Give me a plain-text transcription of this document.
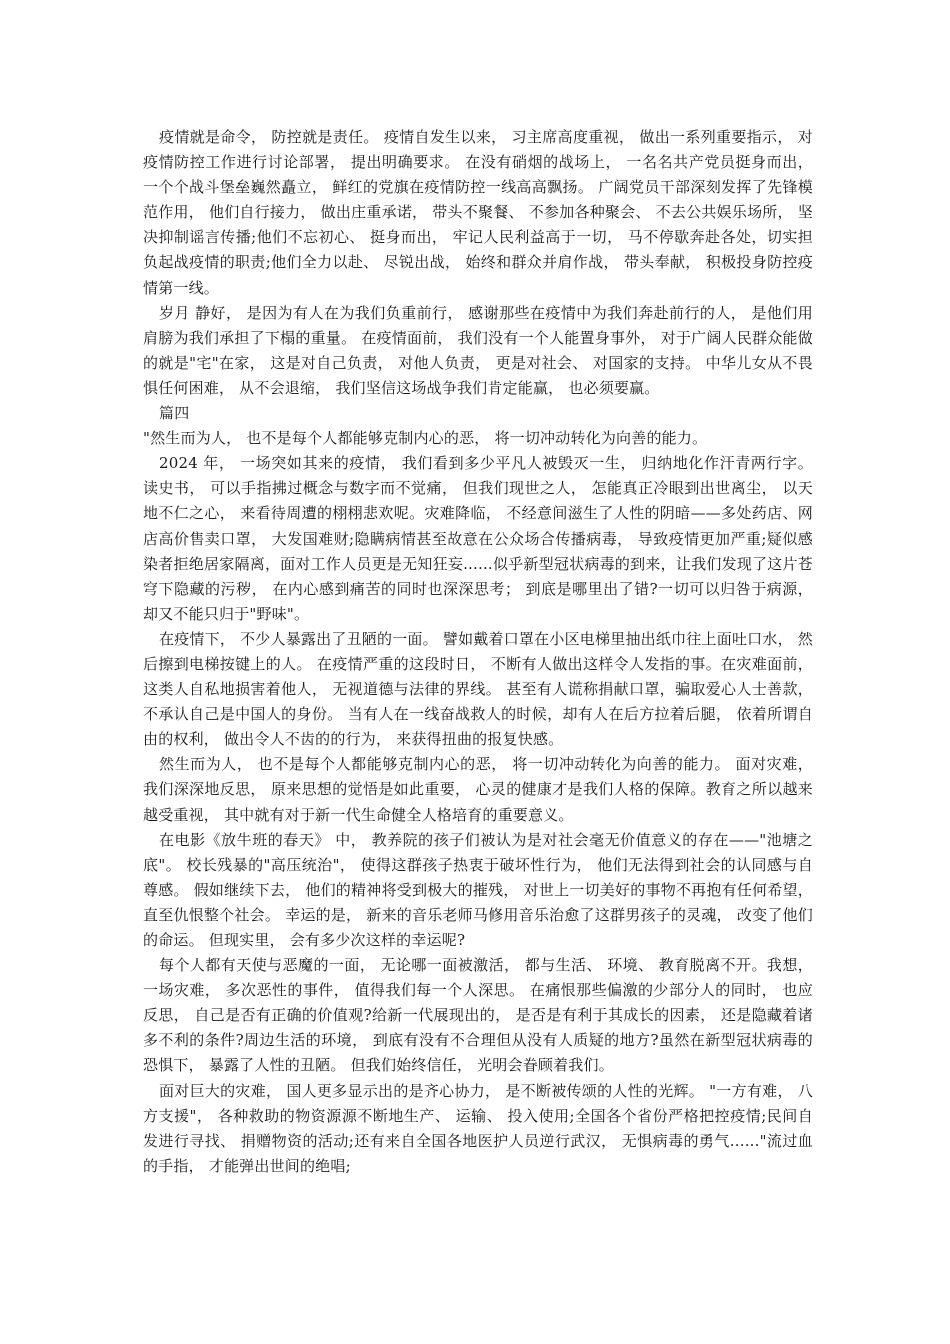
疫情就是命令， 防控就是责任。 疫情自发生以来， 习主席高度重视， 做出一系列重要指示， 对疫情防控工作进行讨论部署， 提出明确要求。 在没有硝烟的战场上， 一名名共产党员挺身而出， 一个个战斗堡垒巍然矗立， 鲜红的党旗在疫情防控一线高高飘扬。 广阔党员干部深刻发挥了先锋模范作用， 他们自行接力， 做出庄重承诺， 带头不聚餐、 不参加各种聚会、 不去公共娱乐场所， 坚决抑制谣言传播;他们不忘初心、 挺身而出， 牢记人民利益高于一切， 马不停歇奔赴各处，切实担负起战疫情的职责;他们全力以赴、 尽锐出战， 始终和群众并肩作战， 带头奉献， 积极投身防控疫情第一线。

岁月 静好， 是因为有人在为我们负重前行， 感谢那些在疫情中为我们奔赴前行的人， 是他们用肩膀为我们承担了下榻的重量。 在疫情面前， 我们没有一个人能置身事外， 对于广阔人民群众能做的就是"宅"在家， 这是对自己负责， 对他人负责， 更是对社会、 对国家的支持。 中华儿女从不畏惧任何困难， 从不会退缩， 我们坚信这场战争我们肯定能赢， 也必须要赢。

篇四

"然生而为人， 也不是每个人都能够克制内心的恶， 将一切冲动转化为向善的能力。

2024 年， 一场突如其来的疫情， 我们看到多少平凡人被毁灭一生， 归纳地化作汗青两行字。 读史书， 可以手指拂过概念与数字而不觉痛， 但我们现世之人， 怎能真正冷眼到出世离尘， 以天地不仁之心， 来看待周遭的栩栩悲欢呢。灾难降临， 不经意间滋生了人性的阴暗——多处药店、网店高价售卖口罩， 大发国难财;隐瞒病情甚至故意在公众场合传播病毒， 导致疫情更加严重;疑似感染者拒绝居家隔离，面对工作人员更是无知狂妄......似乎新型冠状病毒的到来，让我们发现了这片苍穹下隐藏的污秽， 在内心感到痛苦的同时也深深思考； 到底是哪里出了错?一切可以归咎于病源，却又不能只归于"野味"。

在疫情下， 不少人暴露出了丑陋的一面。 譬如戴着口罩在小区电梯里抽出纸巾往上面吐口水， 然后擦到电梯按键上的人。 在疫情严重的这段时日， 不断有人做出这样令人发指的事。在灾难面前， 这类人自私地损害着他人， 无视道德与法律的界线。 甚至有人谎称捐献口罩，骗取爱心人士善款，不承认自己是中国人的身份。 当有人在一线奋战救人的时候，却有人在后方拉着后腿， 依着所谓自由的权利， 做出令人不齿的的行为， 来获得扭曲的报复快感。

然生而为人， 也不是每个人都能够克制内心的恶， 将一切冲动转化为向善的能力。 面对灾难， 我们深深地反思， 原来思想的觉悟是如此重要， 心灵的健康才是我们人格的保障。教育之所以越来越受重视， 其中就有对于新一代生命健全人格培育的重要意义。

在电影《放牛班的春天》 中， 教养院的孩子们被认为是对社会毫无价值意义的存在——"池塘之底"。 校长残暴的"高压统治"， 使得这群孩子热衷于破坏性行为， 他们无法得到社会的认同感与自尊感。 假如继续下去， 他们的精神将受到极大的摧残， 对世上一切美好的事物不再抱有任何希望， 直至仇恨整个社会。 幸运的是， 新来的音乐老师马修用音乐治愈了这群男孩子的灵魂， 改变了他们的命运。 但现实里， 会有多少次这样的幸运呢?

每个人都有天使与恶魔的一面， 无论哪一面被激活， 都与生活、 环境、 教育脱离不开。我想， 一场灾难， 多次恶性的事件， 值得我们每一个人深思。 在痛恨那些偏激的少部分人的同时， 也应反思， 自己是否有正确的价值观?给新一代展现出的， 是否是有利于其成长的因素， 还是隐藏着诸多不利的条件?周边生活的环境， 到底有没有不合理但从没有人质疑的地方?虽然在新型冠状病毒的恐惧下， 暴露了人性的丑陋。 但我们始终信任， 光明会眷顾着我们。

面对巨大的灾难， 国人更多显示出的是齐心协力， 是不断被传颂的人性的光辉。 "一方有难， 八方支援"， 各种救助的物资源源不断地生产、 运输、 投入使用;全国各个省份严格把控疫情;民间自发进行寻找、 捐赠物资的活动;还有来自全国各地医护人员逆行武汉， 无惧病毒的勇气......"流过血的手指， 才能弹出世间的绝唱;
